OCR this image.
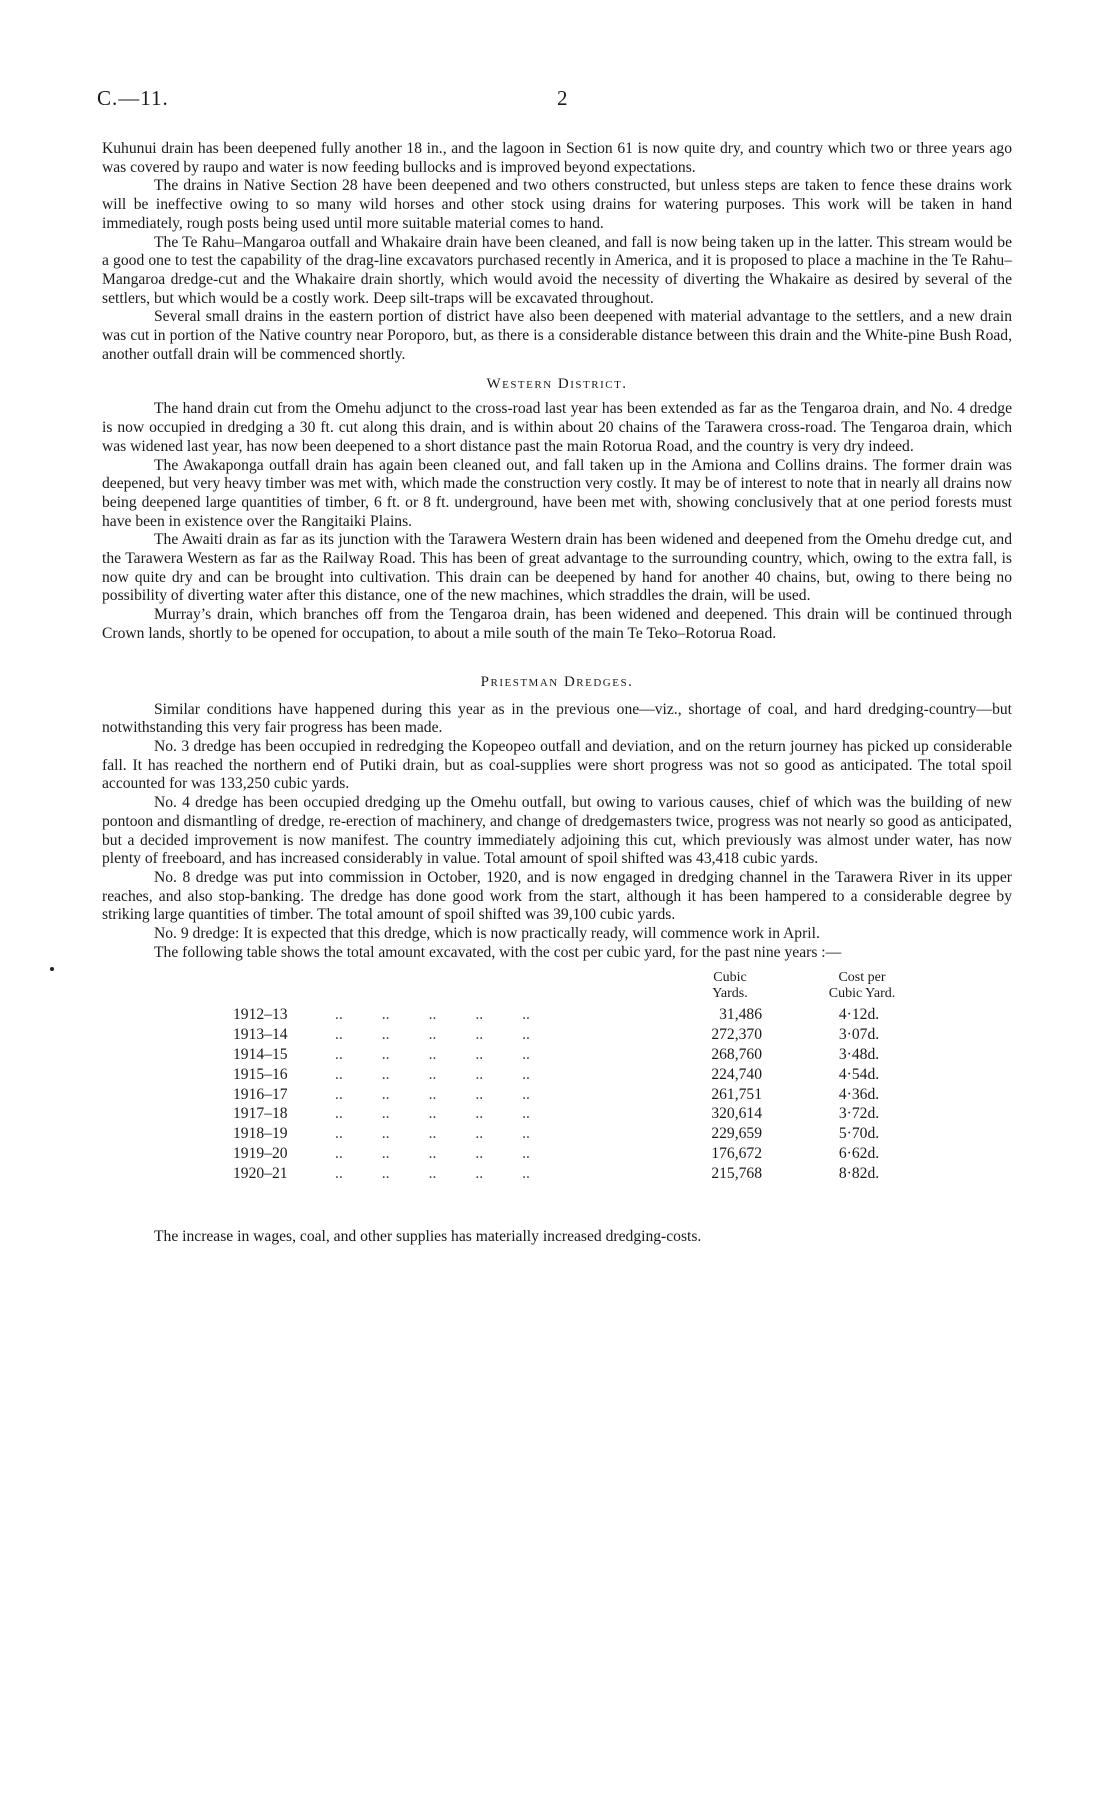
C.—11.	2

Kuhunui drain has been deepened fully another 18 in., and the lagoon in Section 61 is now quite dry, and country which two or three years ago was covered by raupo and water is now feeding bullocks and is improved beyond expectations.

The drains in Native Section 28 have been deepened and two others constructed, but unless steps are taken to fence these drains work will be ineffective owing to so many wild horses and other stock using drains for watering purposes. This work will be taken in hand immediately, rough posts being used until more suitable material comes to hand.

The Te Rahu–Mangaroa outfall and Whakaire drain have been cleaned, and fall is now being taken up in the latter. This stream would be a good one to test the capability of the drag-line excavators purchased recently in America, and it is proposed to place a machine in the Te Rahu–Mangaroa dredge-cut and the Whakaire drain shortly, which would avoid the necessity of diverting the Whakaire as desired by several of the settlers, but which would be a costly work. Deep silt-traps will be excavated throughout.

Several small drains in the eastern portion of district have also been deepened with material advantage to the settlers, and a new drain was cut in portion of the Native country near Poroporo, but, as there is a considerable distance between this drain and the White-pine Bush Road, another outfall drain will be commenced shortly.

Western District.

The hand drain cut from the Omehu adjunct to the cross-road last year has been extended as far as the Tengaroa drain, and No. 4 dredge is now occupied in dredging a 30 ft. cut along this drain, and is within about 20 chains of the Tarawera cross-road. The Tengaroa drain, which was widened last year, has now been deepened to a short distance past the main Rotorua Road, and the country is very dry indeed.

The Awakaponga outfall drain has again been cleaned out, and fall taken up in the Amiona and Collins drains. The former drain was deepened, but very heavy timber was met with, which made the construction very costly. It may be of interest to note that in nearly all drains now being deepened large quantities of timber, 6 ft. or 8 ft. underground, have been met with, showing conclusively that at one period forests must have been in existence over the Rangitaiki Plains.

The Awaiti drain as far as its junction with the Tarawera Western drain has been widened and deepened from the Omehu dredge cut, and the Tarawera Western as far as the Railway Road. This has been of great advantage to the surrounding country, which, owing to the extra fall, is now quite dry and can be brought into cultivation. This drain can be deepened by hand for another 40 chains, but, owing to there being no possibility of diverting water after this distance, one of the new machines, which straddles the drain, will be used.

Murray’s drain, which branches off from the Tengaroa drain, has been widened and deepened. This drain will be continued through Crown lands, shortly to be opened for occupation, to about a mile south of the main Te Teko–Rotorua Road.

Priestman Dredges.

Similar conditions have happened during this year as in the previous one—viz., shortage of coal, and hard dredging-country—but notwithstanding this very fair progress has been made.

No. 3 dredge has been occupied in redredging the Kopeopeo outfall and deviation, and on the return journey has picked up considerable fall. It has reached the northern end of Putiki drain, but as coal-supplies were short progress was not so good as anticipated. The total spoil accounted for was 133,250 cubic yards.

No. 4 dredge has been occupied dredging up the Omehu outfall, but owing to various causes, chief of which was the building of new pontoon and dismantling of dredge, re-erection of machinery, and change of dredgemasters twice, progress was not nearly so good as anticipated, but a decided improvement is now manifest. The country immediately adjoining this cut, which previously was almost under water, has now plenty of freeboard, and has increased considerably in value. Total amount of spoil shifted was 43,418 cubic yards.

No. 8 dredge was put into commission in October, 1920, and is now engaged in dredging channel in the Tarawera River in its upper reaches, and also stop-banking. The dredge has done good work from the start, although it has been hampered to a considerable degree by striking large quantities of timber. The total amount of spoil shifted was 39,100 cubic yards.

No. 9 dredge: It is expected that this dredge, which is now practically ready, will commence work in April.

The following table shows the total amount excavated, with the cost per cubic yard, for the past nine years :—

Cubic
Yards.
Cost per
Cubic Yard.
1912–13	..          ..          ..          ..          ..	31,486	4·12d.
1913–14	..          ..          ..          ..          ..	272,370	3·07d.
1914–15	..          ..          ..          ..          ..	268,760	3·48d.
1915–16	..          ..          ..          ..          ..	224,740	4·54d.
1916–17	..          ..          ..          ..          ..	261,751	4·36d.
1917–18	..          ..          ..          ..          ..	320,614	3·72d.
1918–19	..          ..          ..          ..          ..	229,659	5·70d.
1919–20	..          ..          ..          ..          ..	176,672	6·62d.
1920–21	..          ..          ..          ..          ..	215,768	8·82d.

The increase in wages, coal, and other supplies has materially increased dredging-costs.
